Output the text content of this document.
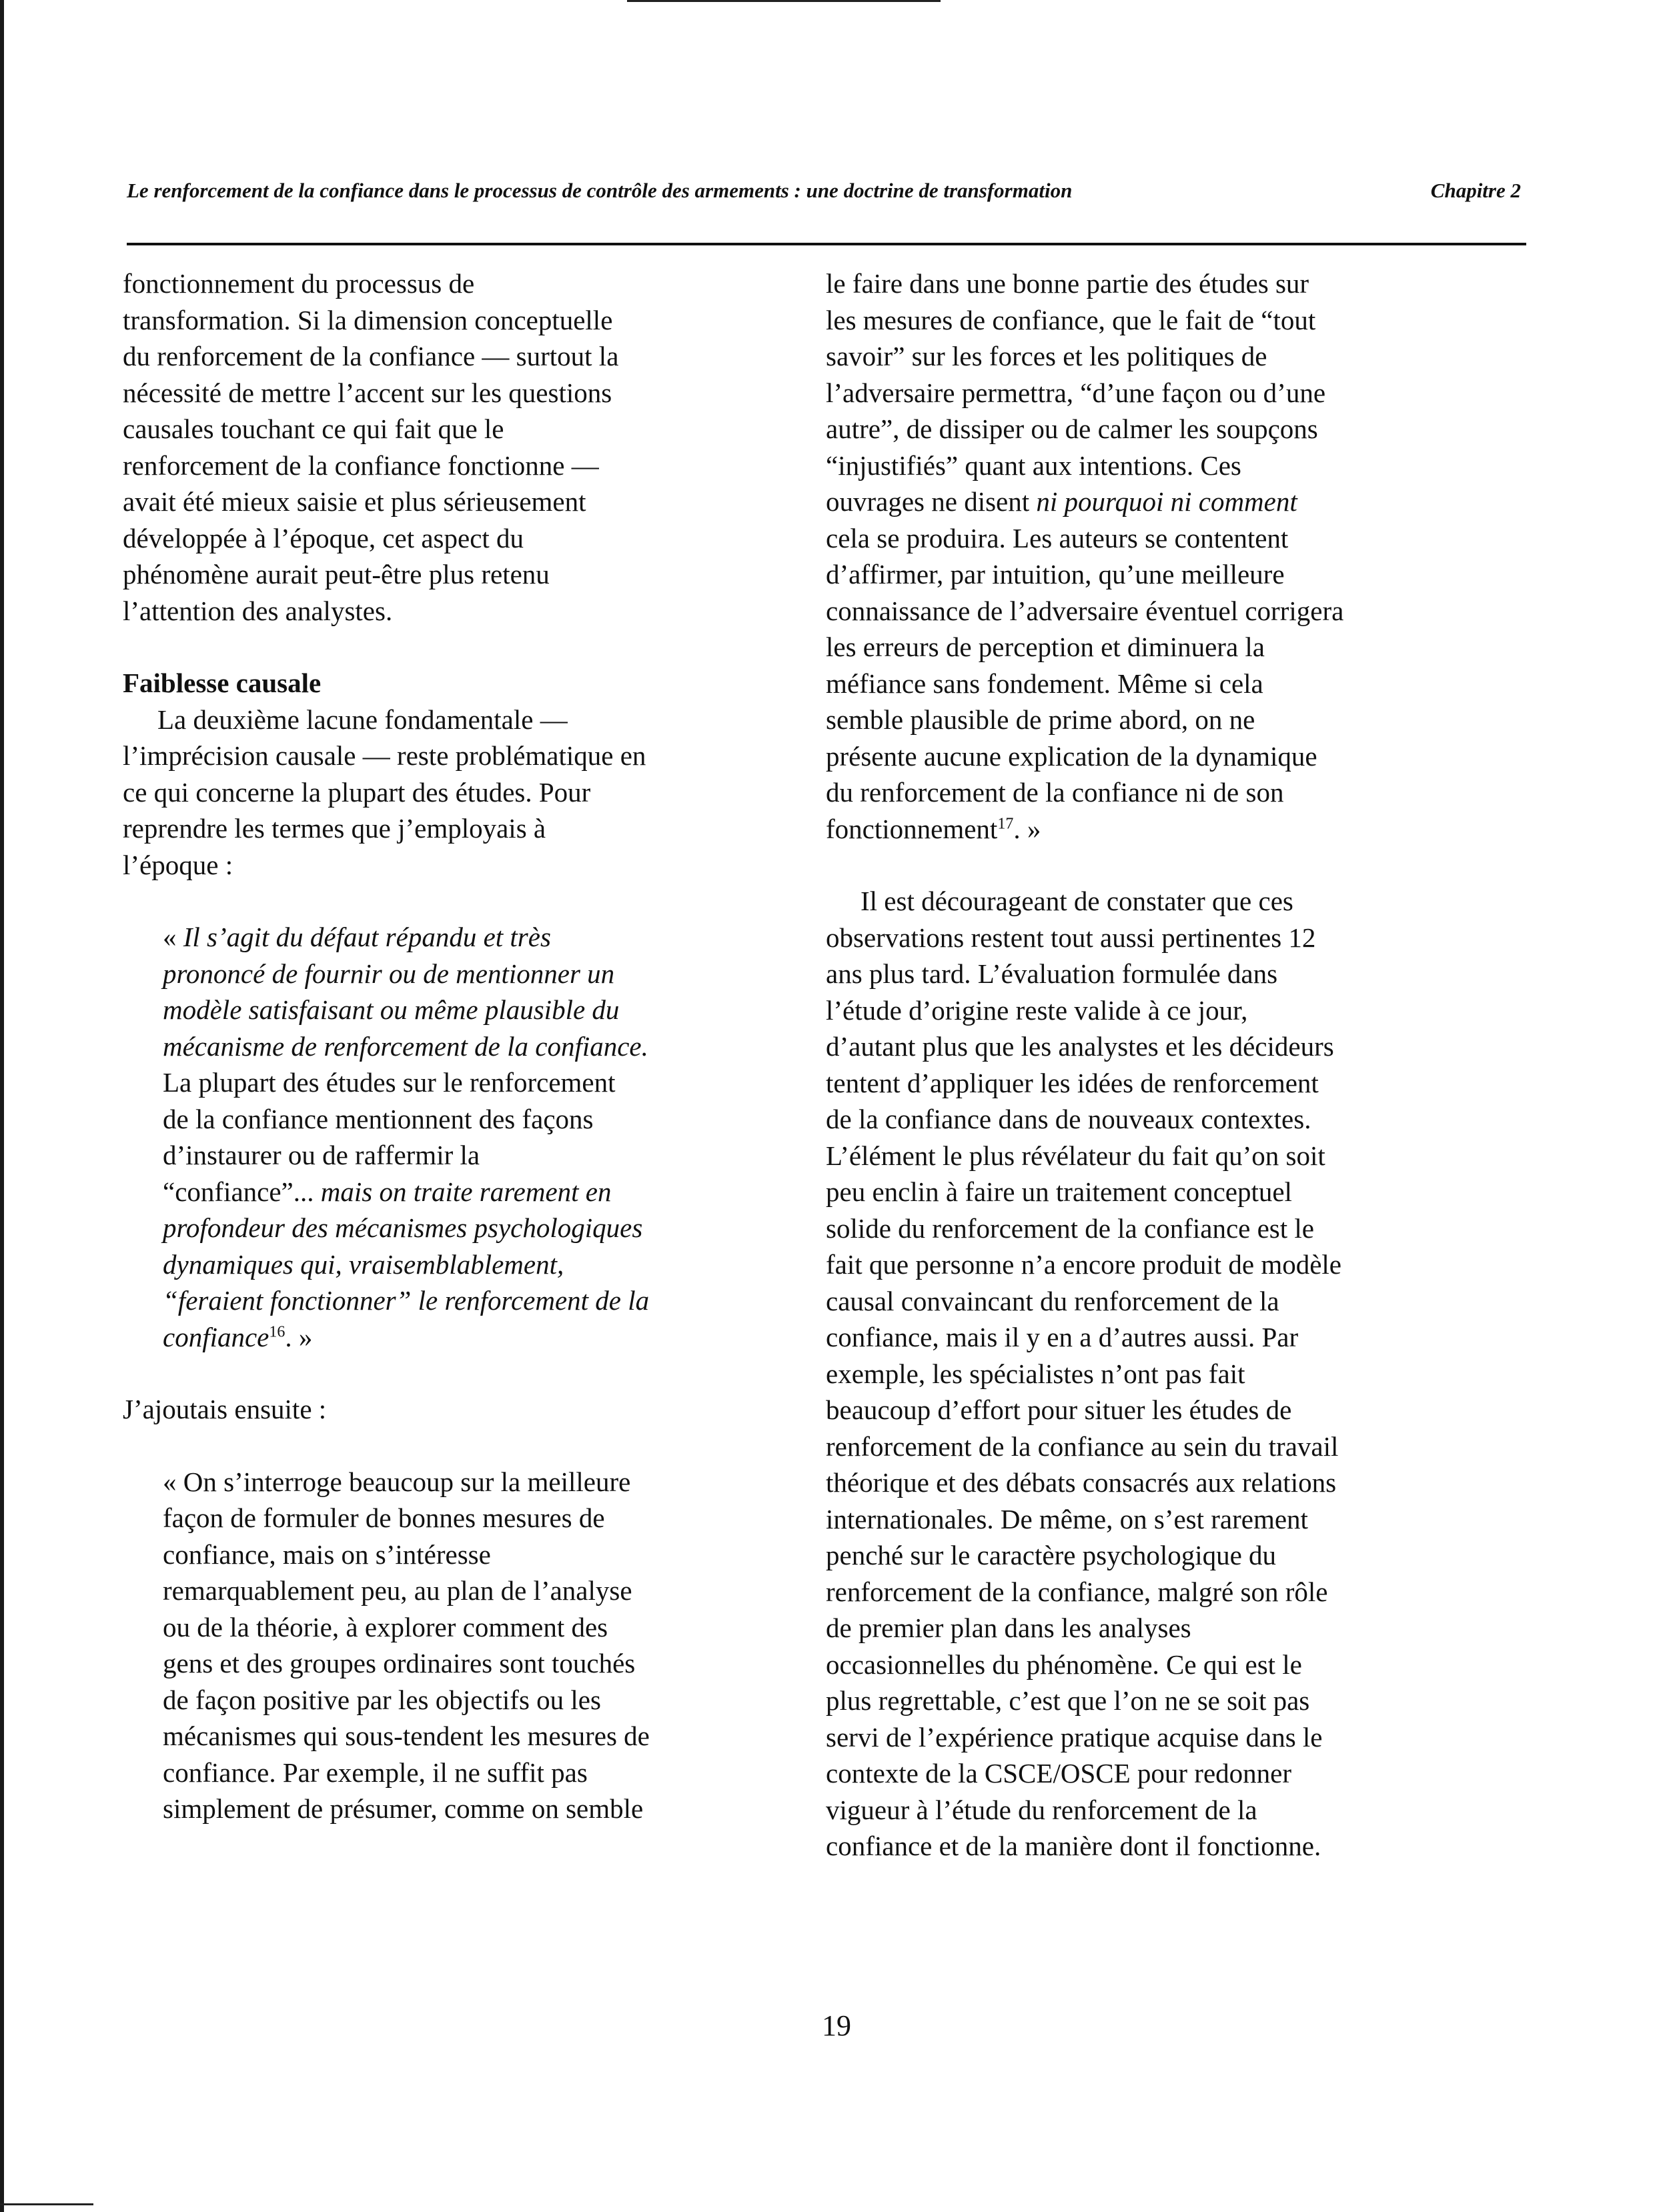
Le renforcement de la confiance dans le processus de contrôle des armements : une doctrine de transformation	Chapitre 2

fonctionnement du processus de
transformation. Si la dimension conceptuelle
du renforcement de la confiance — surtout la
nécessité de mettre l’accent sur les questions
causales touchant ce qui fait que le
renforcement de la confiance fonctionne —
avait été mieux saisie et plus sérieusement
développée à l’époque, cet aspect du
phénomène aurait peut-être plus retenu
l’attention des analystes.

Faiblesse causale

La deuxième lacune fondamentale —
l’imprécision causale — reste problématique en
ce qui concerne la plupart des études. Pour
reprendre les termes que j’employais à
l’époque :

« Il s’agit du défaut répandu et très
prononcé de fournir ou de mentionner un
modèle satisfaisant ou même plausible du
mécanisme de renforcement de la confiance.
La plupart des études sur le renforcement
de la confiance mentionnent des façons
d’instaurer ou de raffermir la
“confiance”... mais on traite rarement en
profondeur des mécanismes psychologiques
dynamiques qui, vraisemblablement,
“feraient fonctionner” le renforcement de la
confiance$^{16}$. »

J’ajoutais ensuite :

« On s’interroge beaucoup sur la meilleure
façon de formuler de bonnes mesures de
confiance, mais on s’intéresse
remarquablement peu, au plan de l’analyse
ou de la théorie, à explorer comment des
gens et des groupes ordinaires sont touchés
de façon positive par les objectifs ou les
mécanismes qui sous-tendent les mesures de
confiance. Par exemple, il ne suffit pas
simplement de présumer, comme on semble

le faire dans une bonne partie des études sur
les mesures de confiance, que le fait de “tout
savoir” sur les forces et les politiques de
l’adversaire permettra, “d’une façon ou d’une
autre”, de dissiper ou de calmer les soupçons
“injustifiés” quant aux intentions. Ces
ouvrages ne disent ni pourquoi ni comment
cela se produira. Les auteurs se contentent
d’affirmer, par intuition, qu’une meilleure
connaissance de l’adversaire éventuel corrigera
les erreurs de perception et diminuera la
méfiance sans fondement. Même si cela
semble plausible de prime abord, on ne
présente aucune explication de la dynamique
du renforcement de la confiance ni de son
fonctionnement$^{17}$. »

Il est décourageant de constater que ces
observations restent tout aussi pertinentes 12
ans plus tard. L’évaluation formulée dans
l’étude d’origine reste valide à ce jour,
d’autant plus que les analystes et les décideurs
tentent d’appliquer les idées de renforcement
de la confiance dans de nouveaux contextes.
L’élément le plus révélateur du fait qu’on soit
peu enclin à faire un traitement conceptuel
solide du renforcement de la confiance est le
fait que personne n’a encore produit de modèle
causal convaincant du renforcement de la
confiance, mais il y en a d’autres aussi. Par
exemple, les spécialistes n’ont pas fait
beaucoup d’effort pour situer les études de
renforcement de la confiance au sein du travail
théorique et des débats consacrés aux relations
internationales. De même, on s’est rarement
penché sur le caractère psychologique du
renforcement de la confiance, malgré son rôle
de premier plan dans les analyses
occasionnelles du phénomène. Ce qui est le
plus regrettable, c’est que l’on ne se soit pas
servi de l’expérience pratique acquise dans le
contexte de la CSCE/OSCE pour redonner
vigueur à l’étude du renforcement de la
confiance et de la manière dont il fonctionne.

19
